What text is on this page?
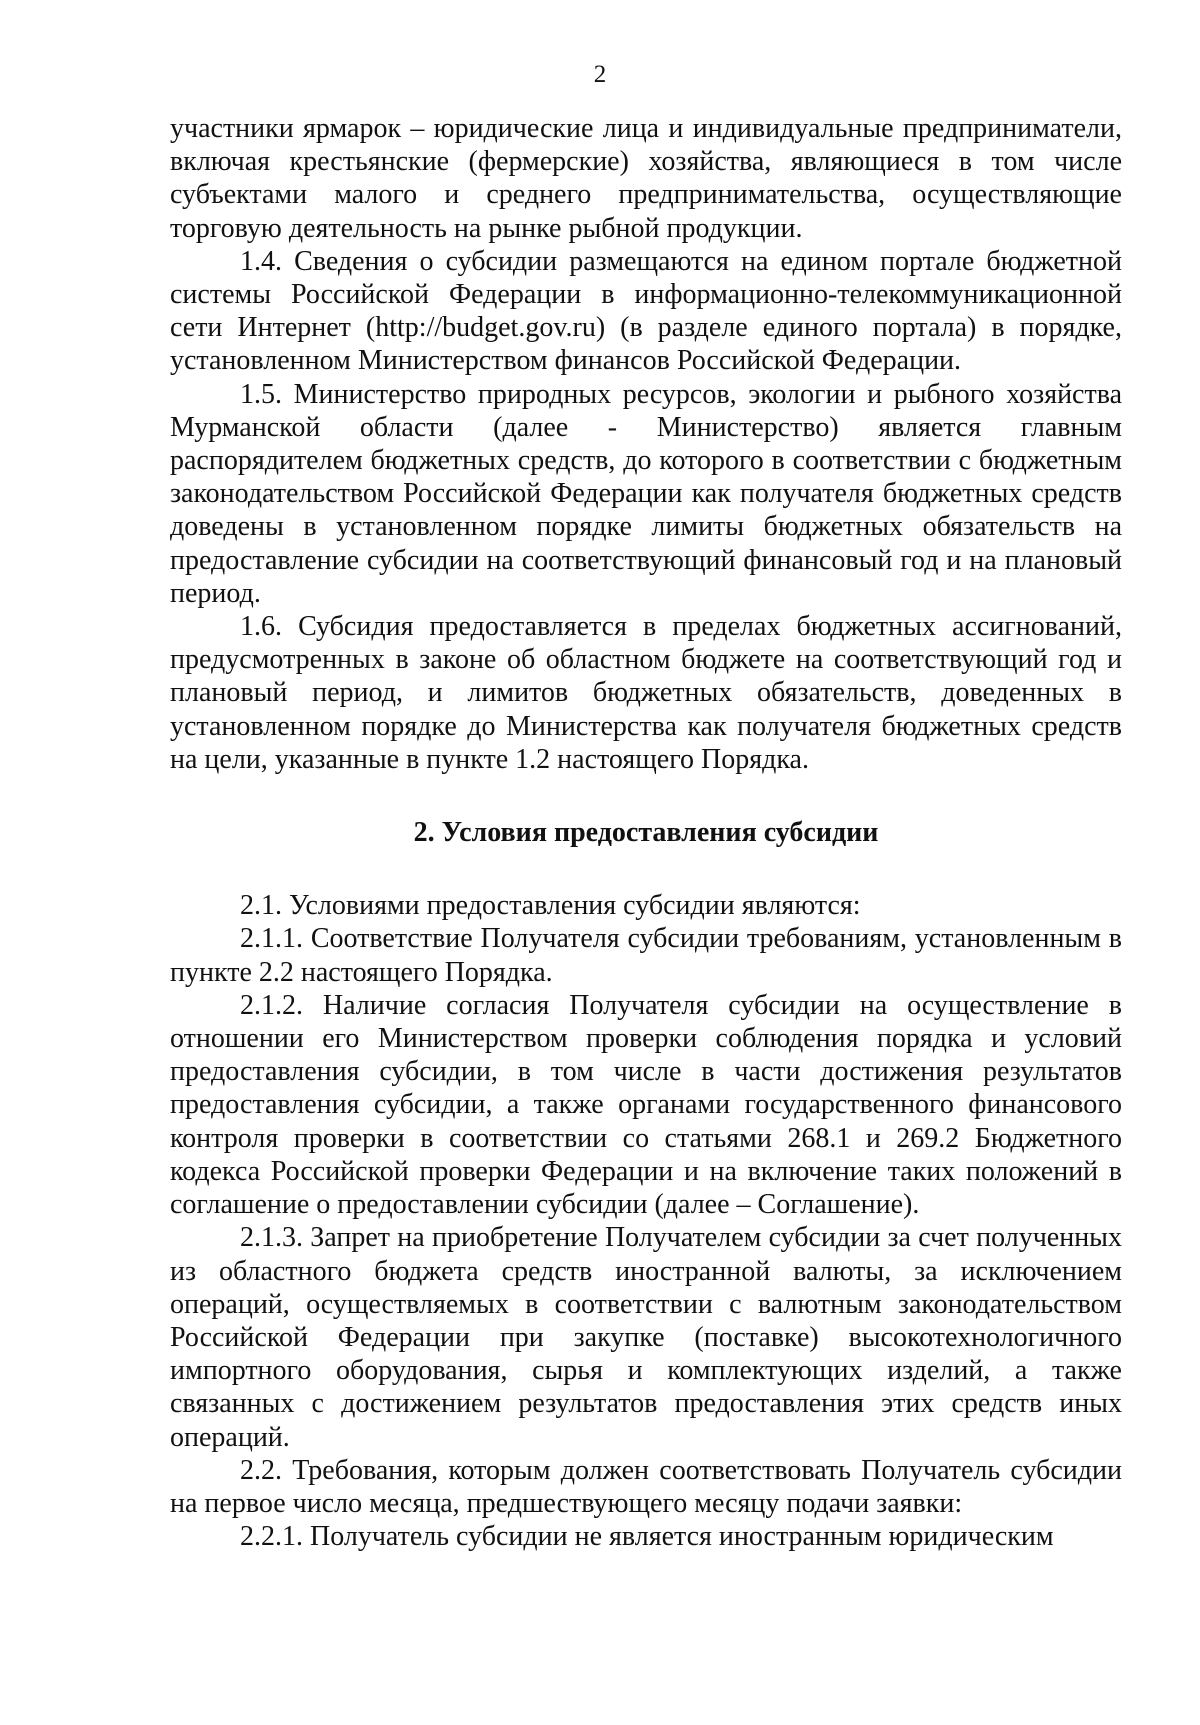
2

участники ярмарок – юридические лица и индивидуальные предприниматели, включая крестьянские (фермерские) хозяйства, являющиеся в том числе субъектами малого и среднего предпринимательства, осуществляющие торговую деятельность на рынке рыбной продукции.

1.4. Сведения о субсидии размещаются на едином портале бюджетной системы Российской Федерации в информационно-телекоммуникационной сети Интернет (http://budget.gov.ru) (в разделе единого портала) в порядке, установленном Министерством финансов Российской Федерации.

1.5. Министерство природных ресурсов, экологии и рыбного хозяйства Мурманской области (далее - Министерство) является главным распорядителем бюджетных средств, до которого в соответствии с бюджетным законодательством Российской Федерации как получателя бюджетных средств доведены в установленном порядке лимиты бюджетных обязательств на предоставление субсидии на соответствующий финансовый год и на плановый период.

1.6. Субсидия предоставляется в пределах бюджетных ассигнований, предусмотренных в законе об областном бюджете на соответствующий год и плановый период, и лимитов бюджетных обязательств, доведенных в установленном порядке до Министерства как получателя бюджетных средств на цели, указанные в пункте 1.2 настоящего Порядка.

2. Условия предоставления субсидии

2.1. Условиями предоставления субсидии являются:

2.1.1. Соответствие Получателя субсидии требованиям, установленным в пункте 2.2 настоящего Порядка.

2.1.2. Наличие согласия Получателя субсидии на осуществление в отношении его Министерством проверки соблюдения порядка и условий предоставления субсидии, в том числе в части достижения результатов предоставления субсидии, а также органами государственного финансового контроля проверки в соответствии со статьями 268.1 и 269.2 Бюджетного кодекса Российской проверки Федерации и на включение таких положений в соглашение о предоставлении субсидии (далее – Соглашение).

2.1.3. Запрет на приобретение Получателем субсидии за счет полученных из областного бюджета средств иностранной валюты, за исключением операций, осуществляемых в соответствии с валютным законодательством Российской Федерации при закупке (поставке) высокотехнологичного импортного оборудования, сырья и комплектующих изделий, а также связанных с достижением результатов предоставления этих средств иных операций.

2.2. Требования, которым должен соответствовать Получатель субсидии на первое число месяца, предшествующего месяцу подачи заявки:

2.2.1. Получатель субсидии не является иностранным юридическим
